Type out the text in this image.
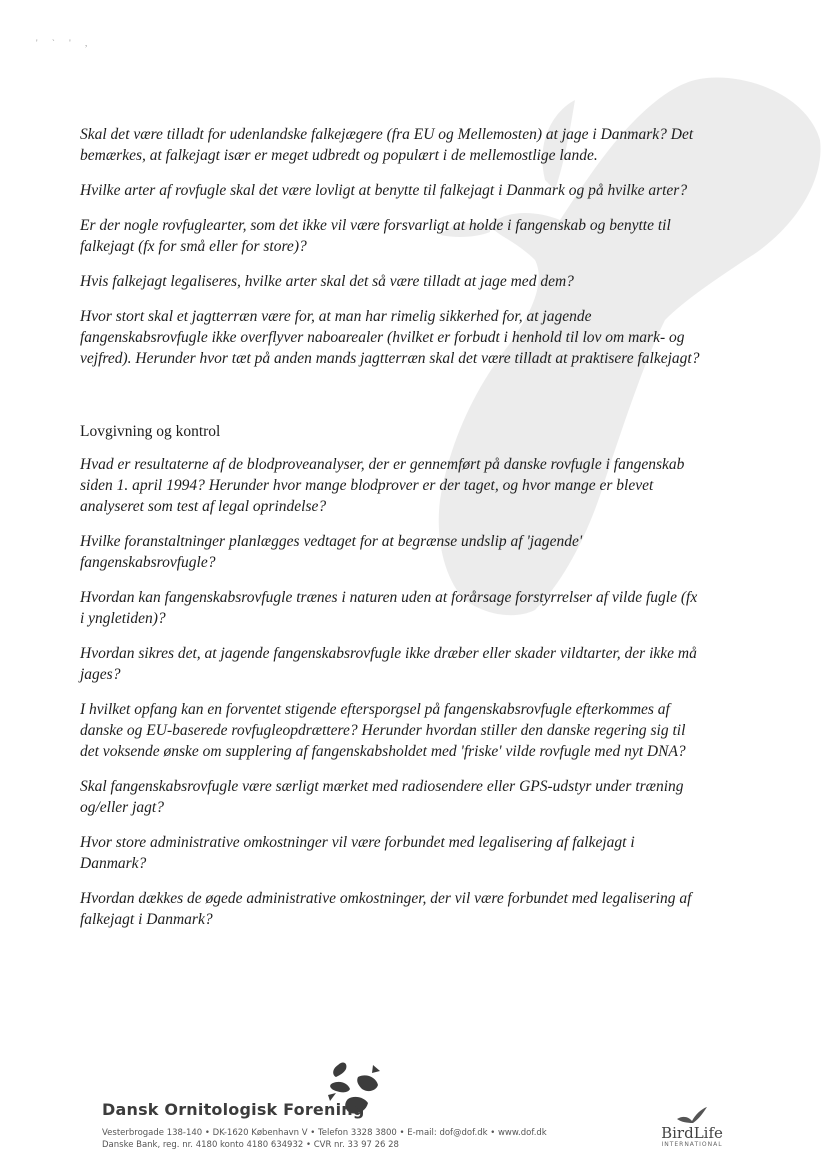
' ` ' ,

Skal det være tilladt for udenlandske falkejægere (fra EU og Mellemosten) at jage i Danmark? Det bemærkes, at falkejagt især er meget udbredt og populært i de mellemostlige lande.

Hvilke arter af rovfugle skal det være lovligt at benytte til falkejagt i Danmark og på hvilke arter?

Er der nogle rovfuglearter, som det ikke vil være forsvarligt at holde i fangenskab og benytte til falkejagt (fx for små eller for store)?

Hvis falkejagt legaliseres, hvilke arter skal det så være tilladt at jage med dem?

Hvor stort skal et jagtterræn være for, at man har rimelig sikkerhed for, at jagende fangenskabsrovfugle ikke overflyver naboarealer (hvilket er forbudt i henhold til lov om mark- og vejfred). Herunder hvor tæt på anden mands jagtterræn skal det være tilladt at praktisere falkejagt?

Lovgivning og kontrol

Hvad er resultaterne af de blodproveanalyser, der er gennemført på danske rovfugle i fangenskab siden 1. april 1994? Herunder hvor mange blodprover er der taget, og hvor mange er blevet analyseret som test af legal oprindelse?

Hvilke foranstaltninger planlægges vedtaget for at begrænse undslip af 'jagende' fangenskabsrovfugle?

Hvordan kan fangenskabsrovfugle trænes i naturen uden at forårsage forstyrrelser af vilde fugle (fx i yngletiden)?

Hvordan sikres det, at jagende fangenskabsrovfugle ikke dræber eller skader vildtarter, der ikke må jages?

I hvilket opfang kan en forventet stigende eftersporgsel på fangenskabsrovfugle efterkommes af danske og EU-baserede rovfugleopdrættere? Herunder hvordan stiller den danske regering sig til det voksende ønske om supplering af fangenskabsholdet med 'friske' vilde rovfugle med nyt DNA?

Skal fangenskabsrovfugle være særligt mærket med radiosendere eller GPS-udstyr under træning og/eller jagt?

Hvor store administrative omkostninger vil være forbundet med legalisering af falkejagt i Danmark?

Hvordan dækkes de øgede administrative omkostninger, der vil være forbundet med legalisering af falkejagt i Danmark?

Dansk Ornitologisk Forening
Vesterbrogade 138-140 • DK-1620 København V • Telefon 3328 3800 • E-mail: dof@dof.dk • www.dof.dk
Danske Bank, reg. nr. 4180 konto 4180 634932 • CVR nr. 33 97 26 28
BirdLife
INTERNATIONAL
